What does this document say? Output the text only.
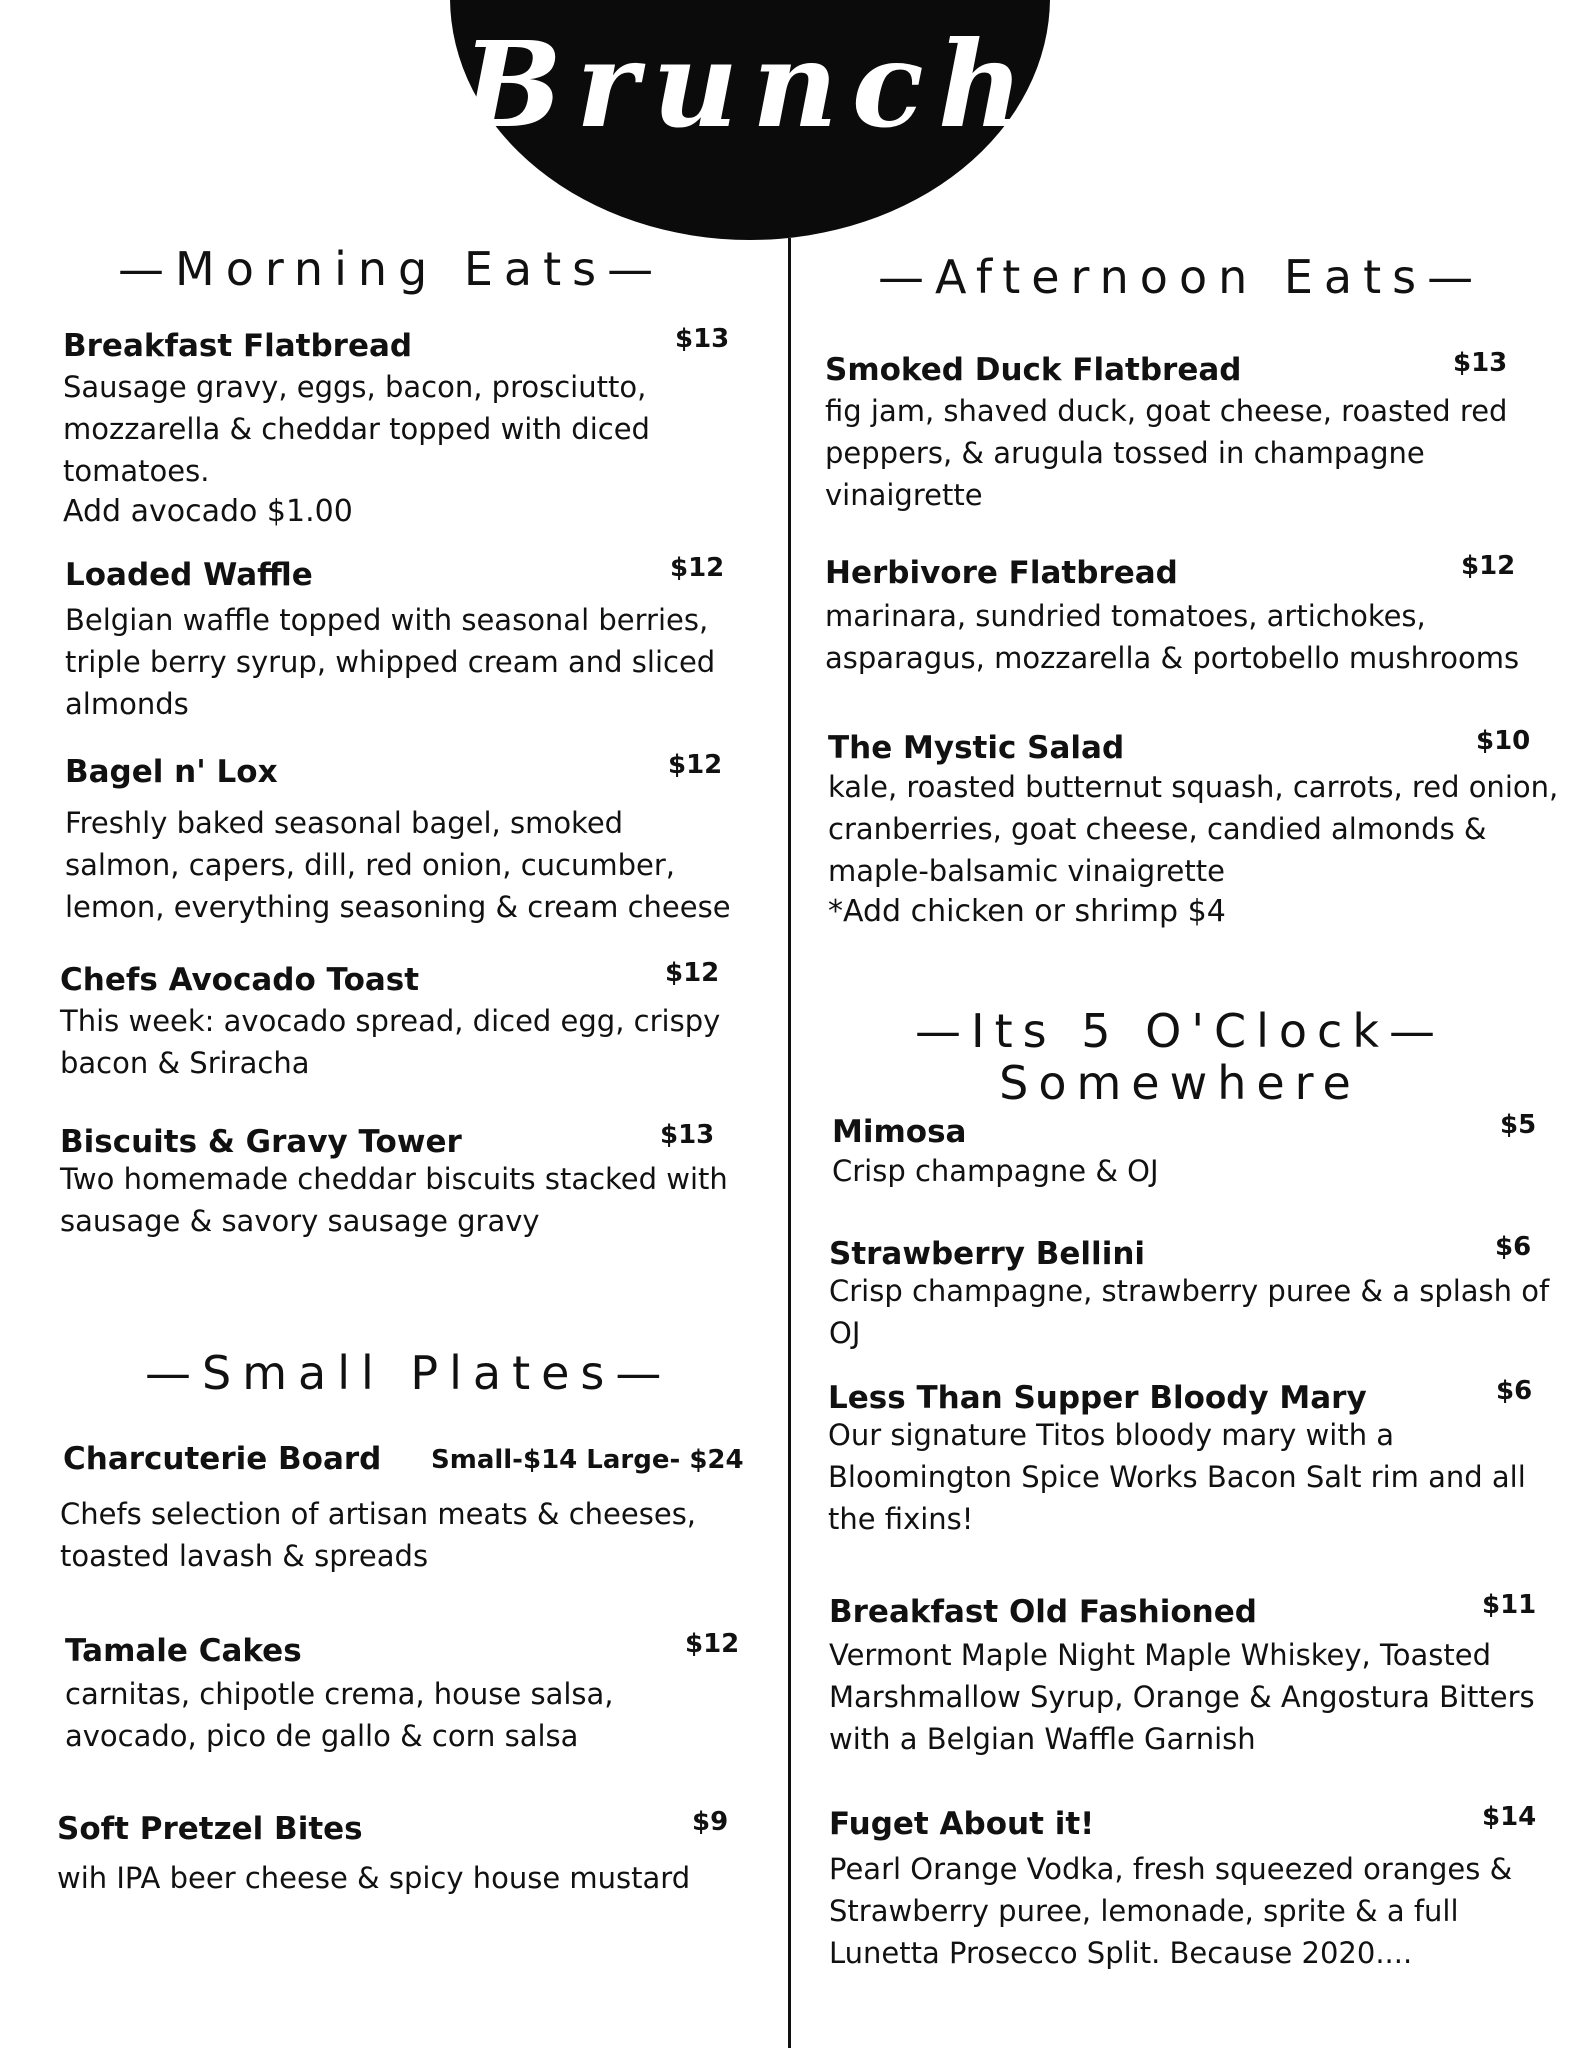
Brunch
—Morning Eats—	—Afternoon Eats—
—Small Plates—
—Its 5 O'Clock—
Somewhere
Breakfast Flatbread	$13
Sausage gravy, eggs, bacon, prosciutto,
mozzarella & cheddar topped with diced
tomatoes.
Add avocado $1.00
Loaded Waffle	$12
Belgian waffle topped with seasonal berries,
triple berry syrup, whipped cream and sliced
almonds
Bagel n' Lox	$12
Freshly baked seasonal bagel, smoked
salmon, capers, dill, red onion, cucumber,
lemon, everything seasoning & cream cheese
Chefs Avocado Toast	$12
This week: avocado spread, diced egg, crispy
bacon & Sriracha
Biscuits & Gravy Tower	$13
Two homemade cheddar biscuits stacked with
sausage & savory sausage gravy
Charcuterie Board Small-$14 Large- $24
Chefs selection of artisan meats & cheeses,
toasted lavash & spreads
Tamale Cakes	$12
carnitas, chipotle crema, house salsa,
avocado, pico de gallo & corn salsa
Soft Pretzel Bites	$9
wih IPA beer cheese & spicy house mustard
Smoked Duck Flatbread	$13
fig jam, shaved duck, goat cheese, roasted red
peppers, & arugula tossed in champagne
vinaigrette
Herbivore Flatbread	$12
marinara, sundried tomatoes, artichokes,
asparagus, mozzarella & portobello mushrooms
The Mystic Salad	$10
kale, roasted butternut squash, carrots, red onion,
cranberries, goat cheese, candied almonds &
maple-balsamic vinaigrette
*Add chicken or shrimp $4
Mimosa	$5
Crisp champagne & OJ
Strawberry Bellini	$6
Crisp champagne, strawberry puree & a splash of
OJ
Less Than Supper Bloody Mary	$6
Our signature Titos bloody mary with a
Bloomington Spice Works Bacon Salt rim and all
the fixins!
Breakfast Old Fashioned	$11
Vermont Maple Night Maple Whiskey, Toasted
Marshmallow Syrup, Orange & Angostura Bitters
with a Belgian Waffle Garnish
Fuget About it!	$14
Pearl Orange Vodka, fresh squeezed oranges &
Strawberry puree, lemonade, sprite & a full
Lunetta Prosecco Split. Because 2020....
